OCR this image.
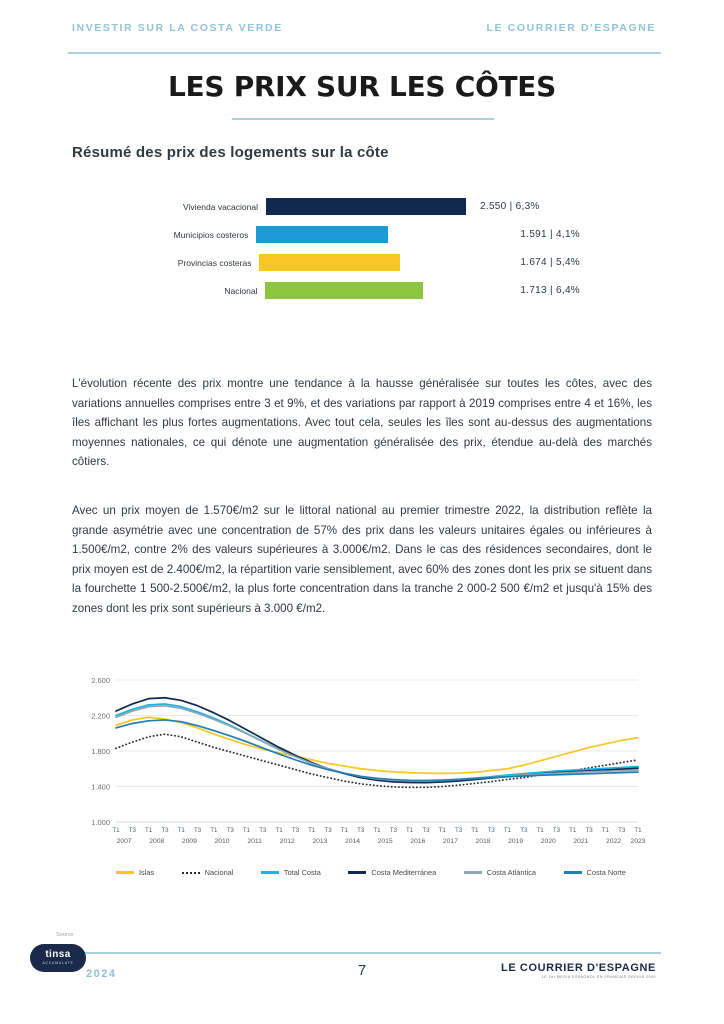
INVESTIR SUR LA COSTA VERDE	LE COURRIER D'ESPAGNE
LES PRIX SUR LES CÔTES
Résumé des prix des logements sur la côte
Vivienda vacacional	2.550 | 6,3%
Municipios costeros	1.591 | 4,1%
Provincias costeras	1.674 | 5,4%
Nacional	1.713 | 6,4%
L'évolution récente des prix montre une tendance à la hausse généralisée sur toutes les côtes, avec des variations annuelles comprises entre 3 et 9%, et des variations par rapport à 2019 comprises entre 4 et 16%, les îles affichant les plus fortes augmentations. Avec tout cela, seules les îles sont au-dessus des augmentations moyennes nationales, ce qui dénote une augmentation généralisée des prix, étendue au-delà des marchés côtiers.
Avec un prix moyen de 1.570€/m2 sur le littoral national au premier trimestre 2022, la distribution reflète la grande asymétrie avec une concentration de 57% des prix dans les valeurs unitaires égales ou inférieures à 1.500€/m2, contre 2% des valeurs supérieures à 3.000€/m2. Dans le cas des résidences secondaires, dont le prix moyen est de 2.400€/m2, la répartition varie sensiblement, avec 60% des zones dont les prix se situent dans la fourchette 1 500-2.500€/m2, la plus forte concentration dans la tranche 2 000-2 500 €/m2 et jusqu'à 15% des zones dont les prix sont supérieurs à 3.000 €/m2.
1.000
1.400
1.800
2.200
2.600
T1 T3 T1 T3 T1 T3 T1 T3 T1 T3 T1 T3 T1 T3 T1 T3 T1 T3 T1 T3 T1 T3 T1 T3 T1 T3 T1 T3 T1 T3 T1 T3 T1
2007	2008	2009	2010	2011	2012	2013	2014	2015	2016	2017	2018	2019	2020	2021	2022 2023
Islas	Nacional	Total Costa	Costa Mediterránea	Costa Atlántica	Costa Norte
Source
tinsa
ACCUMULATE
2024	7	LE COURRIER D'ESPAGNE
LE 1er MEDIA ESPAGNOL EN FRANCAIS DEPUIS 2005
